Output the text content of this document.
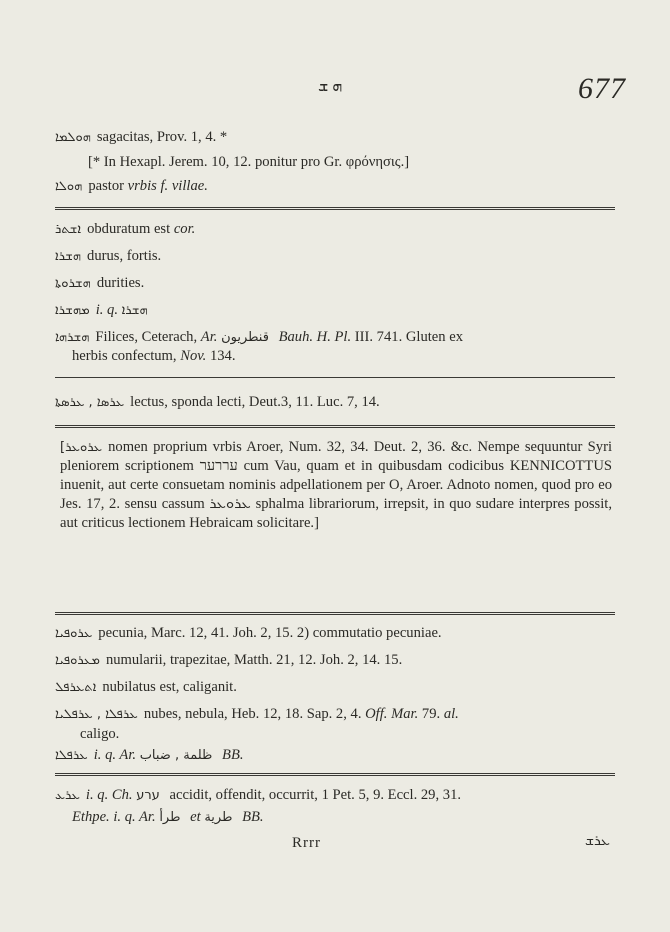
ܗ ܫ	677
ܗܘܠܡܐ sagacitas, Prov. 1, 4. *
[* In Hexapl. Jerem. 10, 12. ponitur pro Gr. φρόνησις.]
ܗܘܠܐ pastor vrbis f. villae.
ܐܫܬܪ obduratum est cor.
ܗܫܪܐ durus, fortis.
ܗܫܪܘܬܐ durities.
ܡܗܫܪܐ i. q. ܗܫܪܐ
ܗܫܪܗܐ Filices, Ceterach, Ar. قنطريون Bauh. H. Pl. III. 741. Gluten ex
herbis confectum, Nov. 134.
ܥܪܣܐ , ܥܪܣܬܐ lectus, sponda lecti, Deut.3, 11. Luc. 7, 14.
[ܥܪܘܥܪ nomen proprium vrbis Aroer, Num. 32, 34. Deut. 2, 36. &c. Nempe sequuntur Syri pleniorem scriptionem עררער cum Vau, quam et in quibusdam codicibus KENNICOTTUS inuenit, aut certe consuetam nominis adpellationem per O, Aroer. Adnoto nomen, quod pro eo Jes. 17, 2. sensu cassum ܥܪܘܥܪ sphalma librariorum, irrepsit, in quo sudare interpres possit, aut criticus lectionem Hebraicam solicitare.]
ܥܪܘܦܝܐ pecunia, Marc. 12, 41. Joh. 2, 15. 2) commutatio pecuniae.
ܡܥܪܘܦܝܐ numularii, trapezitae, Matth. 21, 12. Joh. 2, 14. 15.
ܐܬܥܪܦܠ nubilatus est, caliganit.
ܥܪܦܠܐ , ܥܪܦܠܝܐ nubes, nebula, Heb. 12, 18. Sap. 2, 4. Off. Mar. 79. al.
caligo.
ܥܪܦܠܐ i. q. Ar. ظلمة , ضباب BB.
ܥܪܥ i. q. Ch. ערע accidit, offendit, occurrit, 1 Pet. 5, 9. Eccl. 29, 31.
Ethpe. i. q. Ar. طرأ et طرية BB.
Rrrr	ܥܪܫ
